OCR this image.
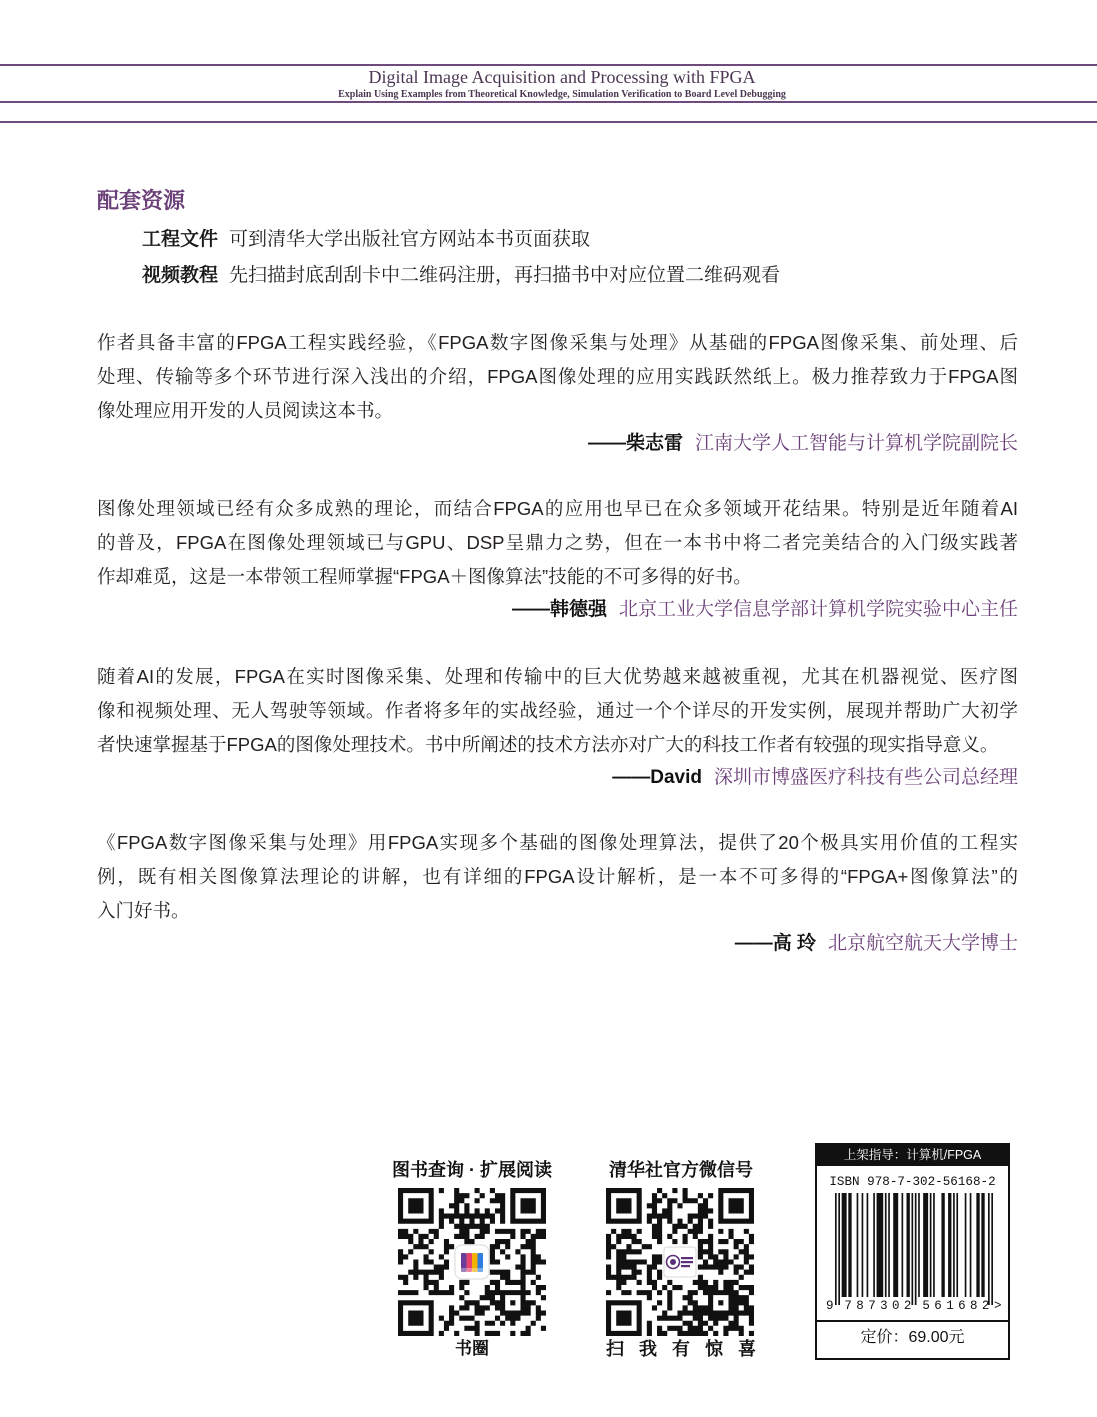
Digital Image Acquisition and Processing with FPGA
Explain Using Examples from Theoretical Knowledge, Simulation Verification to Board Level Debugging
配套资源
工程文件 可到清华大学出版社官方网站本书页面获取
视频教程 先扫描封底刮刮卡中二维码注册，再扫描书中对应位置二维码观看
作者具备丰富的FPGA工程实践经验，《FPGA数字图像采集与处理》从基础的FPGA图像采集、前处理、后
处理、传输等多个环节进行深入浅出的介绍，FPGA图像处理的应用实践跃然纸上。极力推荐致力于FPGA图
像处理应用开发的人员阅读这本书。
——柴志雷 江南大学人工智能与计算机学院副院长
图像处理领域已经有众多成熟的理论，而结合FPGA的应用也早已在众多领域开花结果。特别是近年随着AI
的普及，FPGA在图像处理领域已与GPU、DSP呈鼎力之势，但在一本书中将二者完美结合的入门级实践著
作却难觅，这是一本带领工程师掌握“FPGA＋图像算法”技能的不可多得的好书。
——韩德强 北京工业大学信息学部计算机学院实验中心主任
随着AI的发展，FPGA在实时图像采集、处理和传输中的巨大优势越来越被重视，尤其在机器视觉、医疗图
像和视频处理、无人驾驶等领域。作者将多年的实战经验，通过一个个详尽的开发实例，展现并帮助广大初学
者快速掌握基于FPGA的图像处理技术。书中所阐述的技术方法亦对广大的科技工作者有较强的现实指导意义。
——David 深圳市博盛医疗科技有些公司总经理
《FPGA数字图像采集与处理》用FPGA实现多个基础的图像处理算法，提供了20个极具实用价值的工程实
例，既有相关图像算法理论的讲解，也有详细的FPGA设计解析，是一本不可多得的“FPGA+图像算法”的
入门好书。
——高 玲 北京航空航天大学博士
图书查询 · 扩展阅读
书圈
清华社官方微信号
扫 我 有 惊 喜
上架指导：计算机/FPGA
ISBN 978-7-302-56168-2
9 787302 561682 >
定价：69.00元
